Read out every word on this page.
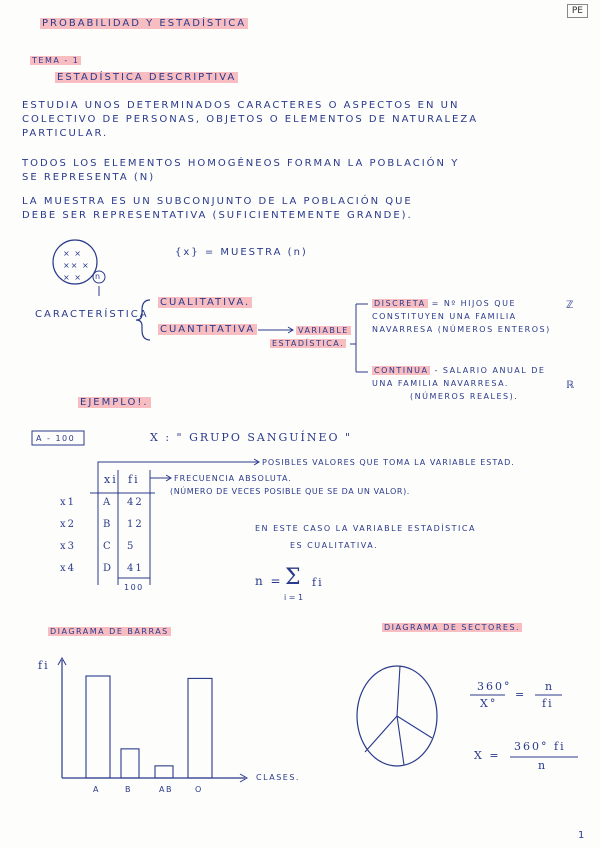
PE
PROBABILIDAD Y ESTADÍSTICA
TEMA - 1
ESTADÍSTICA DESCRIPTIVA
ESTUDIA UNOS DETERMINADOS CARACTERES O ASPECTOS EN UN
COLECTIVO DE PERSONAS, OBJETOS O ELEMENTOS DE NATURALEZA
PARTICULAR.
TODOS LOS ELEMENTOS HOMOGÉNEOS FORMAN LA POBLACIÓN Y
SE REPRESENTA (N)
LA MUESTRA ES UN SUBCONJUNTO DE LA POBLACIÓN QUE
DEBE SER REPRESENTATIVA (SUFICIENTEMENTE GRANDE).
× ×
×× ×
× ×	n
{x} = MUESTRA (n)
CARACTERÍSTICA
CUALITATIVA.
CUANTITATIVA	VARIABLE
ESTADÍSTICA.
DISCRETA = Nº HIJOS QUE
CONSTITUYEN UNA FAMILIA
NAVARRESA (NÚMEROS ENTEROS)
ℤ
CONTINUA - SALARIO ANUAL DE
UNA FAMILIA NAVARRESA.
(NÚMEROS REALES).
ℝ
EJEMPLO!.
A - 100	X : " GRUPO SANGUÍNEO "
POSIBLES VALORES QUE TOMA LA VARIABLE ESTAD.
FRECUENCIA ABSOLUTA.
(NÚMERO DE VECES POSIBLE QUE SE DA UN VALOR).
xi fi
x1	A 42
x2	B 12
x3	C 5
x4	D 41
100
EN ESTE CASO LA VARIABLE ESTADÍSTICA
ES CUALITATIVA.
n = Σ
i = 1
fi
DIAGRAMA DE BARRAS
fi
CLASES.
A	B	AB	O
DIAGRAMA DE SECTORES.
360°
X°
=
n
fi
X =
360° fi
n
1
